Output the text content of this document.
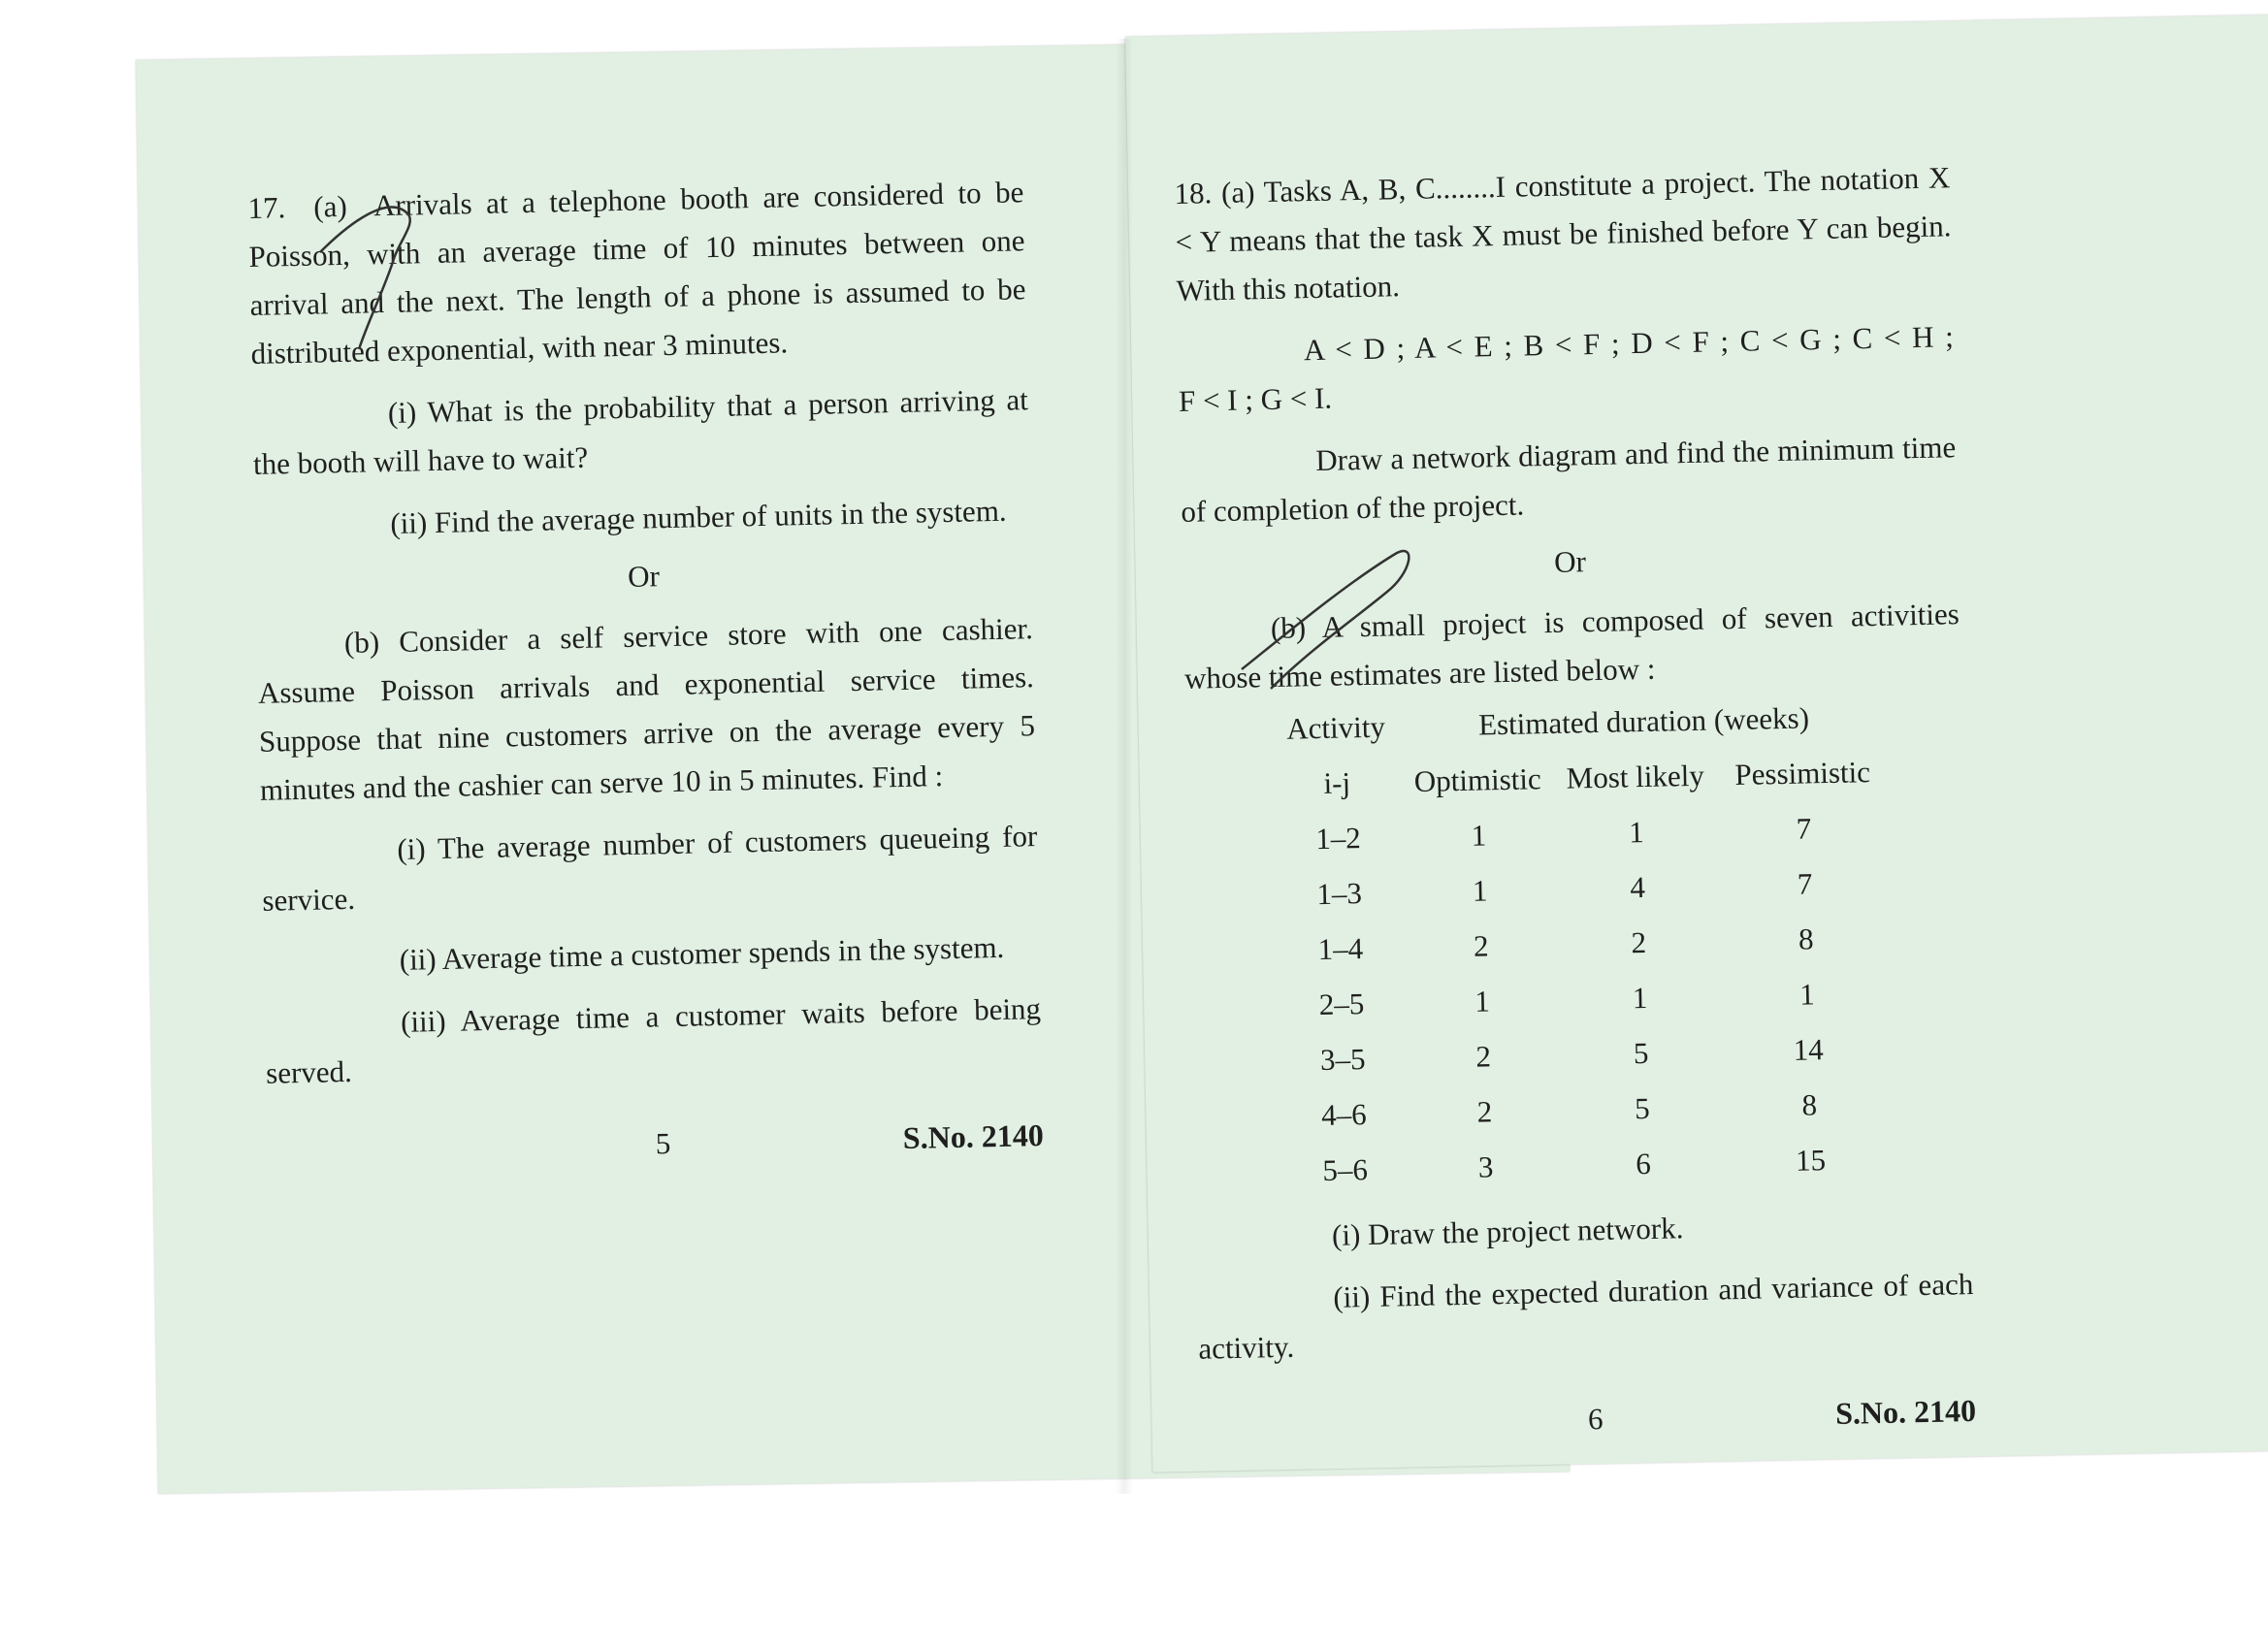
17. (a) Arrivals at a telephone booth are considered to be Poisson, with an average time of 10 minutes between one arrival and the next. The length of a phone is assumed to be distributed exponential, with near 3 minutes.

(i) What is the probability that a person arriving at the booth will have to wait?

(ii) Find the average number of units in the system.

Or

(b) Consider a self service store with one cashier. Assume Poisson arrivals and exponential service times. Suppose that nine customers arrive on the average every 5 minutes and the cashier can serve 10 in 5 minutes. Find :

(i) The average number of customers queueing for service.

(ii) Average time a customer spends in the system.

(iii) Average time a customer waits before being served.

5	S.No. 2140

18. (a) Tasks A, B, C........I constitute a project. The notation X < Y means that the task X must be finished before Y can begin. With this notation.

A < D ; A < E ; B < F ; D < F ; C < G ; C < H ;

F < I ; G < I.

Draw a network diagram and find the minimum time of completion of the project.

Or

(b) A small project is composed of seven activities whose time estimates are listed below :

Activity	Estimated duration (weeks)		
i-j	Optimistic	Most likely	Pessimistic
1–2	1	1	7
1–3	1	4	7
1–4	2	2	8
2–5	1	1	1
3–5	2	5	14
4–6	2	5	8
5–6	3	6	15

(i) Draw the project network.

(ii) Find the expected duration and variance of each activity.

6	S.No. 2140
